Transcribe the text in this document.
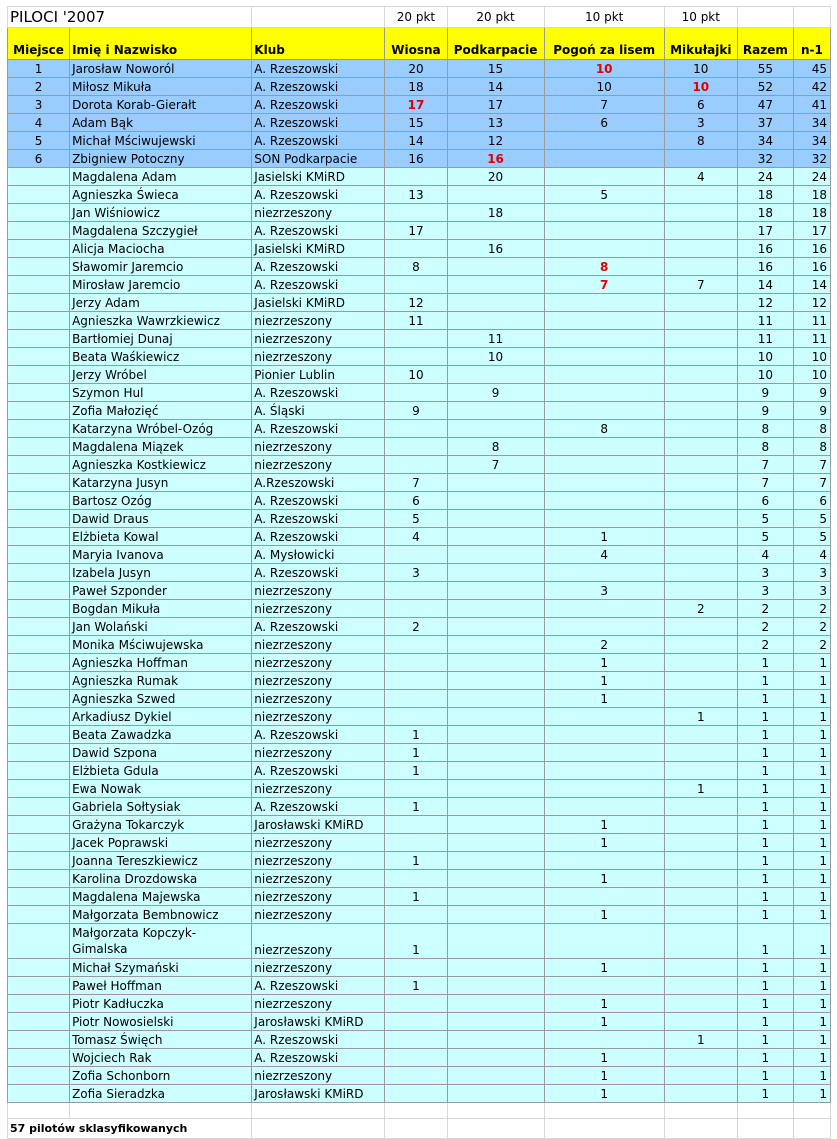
PILOCI '2007			20 pkt	20 pkt	10 pkt	10 pkt		
Miejsce	Imię i Nazwisko	Klub	Wiosna	Podkarpacie	Pogoń za lisem	Mikułajki	Razem	n-1
1	Jarosław Noworól	A. Rzeszowski	20	15	10	10	55	45
2	Miłosz Mikuła	A. Rzeszowski	18	14	10	10	52	42
3	Dorota Korab-Gierałt	A. Rzeszowski	17	17	7	6	47	41
4	Adam Bąk	A. Rzeszowski	15	13	6	3	37	34
5	Michał Mściwujewski	A. Rzeszowski	14	12		8	34	34
6	Zbigniew Potoczny	SON Podkarpacie	16	16			32	32
	Magdalena Adam	Jasielski KMiRD		20		4	24	24
	Agnieszka Świeca	A. Rzeszowski	13		5		18	18
	Jan Wiśniowicz	niezrzeszony		18			18	18
	Magdalena Szczygieł	A. Rzeszowski	17				17	17
	Alicja Maciocha	Jasielski KMiRD		16			16	16
	Sławomir Jaremcio	A. Rzeszowski	8		8		16	16
	Mirosław Jaremcio	A. Rzeszowski			7	7	14	14
	Jerzy Adam	Jasielski KMiRD	12				12	12
	Agnieszka Wawrzkiewicz	niezrzeszony	11				11	11
	Bartłomiej Dunaj	niezrzeszony		11			11	11
	Beata Waśkiewicz	niezrzeszony		10			10	10
	Jerzy Wróbel	Pionier Lublin	10				10	10
	Szymon Hul	A. Rzeszowski		9			9	9
	Zofia Małozięć	A. Śląski	9				9	9
	Katarzyna Wróbel-Ozóg	A. Rzeszowski			8		8	8
	Magdalena Miązek	niezrzeszony		8			8	8
	Agnieszka Kostkiewicz	niezrzeszony		7			7	7
	Katarzyna Jusyn	A.Rzeszowski	7				7	7
	Bartosz Ozóg	A. Rzeszowski	6				6	6
	Dawid Draus	A. Rzeszowski	5				5	5
	Elżbieta Kowal	A. Rzeszowski	4		1		5	5
	Maryia Ivanova	A. Mysłowicki			4		4	4
	Izabela Jusyn	A. Rzeszowski	3				3	3
	Paweł Szponder	niezrzeszony			3		3	3
	Bogdan Mikuła	niezrzeszony				2	2	2
	Jan Wolański	A. Rzeszowski	2				2	2
	Monika Mściwujewska	niezrzeszony			2		2	2
	Agnieszka Hoffman	niezrzeszony			1		1	1
	Agnieszka Rumak	niezrzeszony			1		1	1
	Agnieszka Szwed	niezrzeszony			1		1	1
	Arkadiusz Dykiel	niezrzeszony				1	1	1
	Beata Zawadzka	A. Rzeszowski	1				1	1
	Dawid Szpona	niezrzeszony	1				1	1
	Elżbieta Gdula	A. Rzeszowski	1				1	1
	Ewa Nowak	niezrzeszony				1	1	1
	Gabriela Sołtysiak	A. Rzeszowski	1				1	1
	Grażyna Tokarczyk	Jarosławski KMiRD			1		1	1
	Jacek Poprawski	niezrzeszony			1		1	1
	Joanna Tereszkiewicz	niezrzeszony	1				1	1
	Karolina Drozdowska	niezrzeszony			1		1	1
	Magdalena Majewska	niezrzeszony	1				1	1
	Małgorzata Bembnowicz	niezrzeszony			1		1	1
	Małgorzata Kopczyk-Gimalska	niezrzeszony	1				1	1
	Michał Szymański	niezrzeszony			1		1	1
	Paweł Hoffman	A. Rzeszowski	1				1	1
	Piotr Kadłuczka	niezrzeszony			1		1	1
	Piotr Nowosielski	Jarosławski KMiRD			1		1	1
	Tomasz Święch	A. Rzeszowski				1	1	1
	Wojciech Rak	A. Rzeszowski			1		1	1
	Zofia Schonborn	niezrzeszony			1		1	1
	Zofia Sieradzka	Jarosławski KMiRD			1		1	1

57 pilotów sklasyfikowanych								
